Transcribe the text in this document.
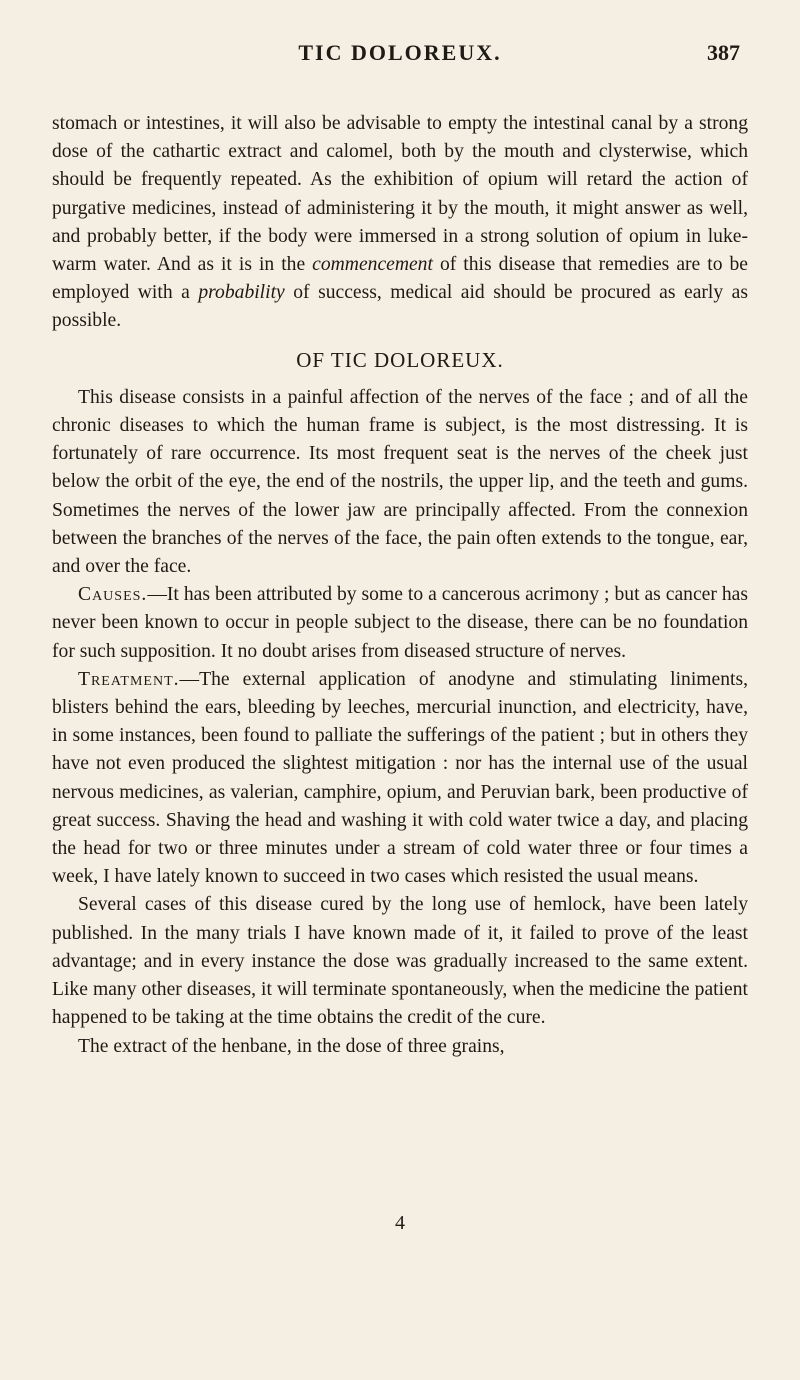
TIC DOLOREUX.	387

stomach or intestines, it will also be advisable to empty the intestinal canal by a strong dose of the cathartic extract and calomel, both by the mouth and clysterwise, which should be frequently repeated. As the exhibition of opium will retard the action of purgative medicines, instead of administering it by the mouth, it might answer as well, and probably better, if the body were immersed in a strong solution of opium in luke-warm water. And as it is in the commencement of this disease that remedies are to be employed with a probability of success, medical aid should be procured as early as possible.

OF TIC DOLOREUX.

This disease consists in a painful affection of the nerves of the face ; and of all the chronic diseases to which the human frame is subject, is the most distressing. It is fortunately of rare occurrence. Its most frequent seat is the nerves of the cheek just below the orbit of the eye, the end of the nostrils, the upper lip, and the teeth and gums. Sometimes the nerves of the lower jaw are principally affected. From the connexion between the branches of the nerves of the face, the pain often extends to the tongue, ear, and over the face.

Causes.—It has been attributed by some to a cancerous acrimony ; but as cancer has never been known to occur in people subject to the disease, there can be no foundation for such supposition. It no doubt arises from diseased structure of nerves.

Treatment.—The external application of anodyne and stimulating liniments, blisters behind the ears, bleeding by leeches, mercurial inunction, and electricity, have, in some instances, been found to palliate the sufferings of the patient ; but in others they have not even produced the slightest mitigation : nor has the internal use of the usual nervous medicines, as valerian, camphire, opium, and Peruvian bark, been productive of great success. Shaving the head and washing it with cold water twice a day, and placing the head for two or three minutes under a stream of cold water three or four times a week, I have lately known to succeed in two cases which resisted the usual means.

Several cases of this disease cured by the long use of hemlock, have been lately published. In the many trials I have known made of it, it failed to prove of the least advantage; and in every instance the dose was gradually increased to the same extent. Like many other diseases, it will terminate spontaneously, when the medicine the patient happened to be taking at the time obtains the credit of the cure.

The extract of the henbane, in the dose of three grains,

4
